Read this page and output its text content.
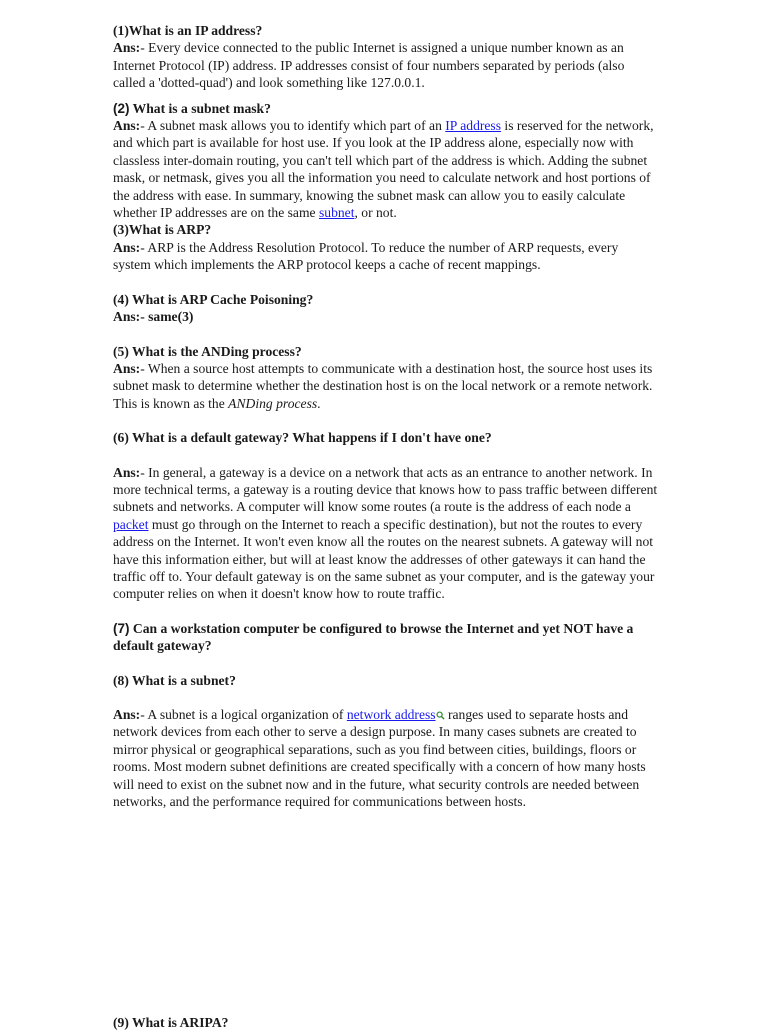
(1)What is an IP address?

Ans:- Every device connected to the public Internet is assigned a unique number known as an Internet Protocol (IP) address. IP addresses consist of four numbers separated by periods (also called a 'dotted-quad') and look something like 127.0.0.1.

(2) What is a subnet mask?

Ans:- A subnet mask allows you to identify which part of an IP address is reserved for the network, and which part is available for host use. If you look at the IP address alone, especially now with classless inter-domain routing, you can't tell which part of the address is which. Adding the subnet mask, or netmask, gives you all the information you need to calculate network and host portions of the address with ease. In summary, knowing the subnet mask can allow you to easily calculate whether IP addresses are on the same subnet, or not.

(3)What is ARP?

Ans:- ARP is the Address Resolution Protocol. To reduce the number of ARP requests, every system which implements the ARP protocol keeps a cache of recent mappings.

(4) What is ARP Cache Poisoning?

Ans:- same(3)

(5) What is the ANDing process?

Ans:- When a source host attempts to communicate with a destination host, the source host uses its subnet mask to determine whether the destination host is on the local network or a remote network. This is known as the ANDing process.

(6) What is a default gateway? What happens if I don't have one?

Ans:- In general, a gateway is a device on a network that acts as an entrance to another network. In more technical terms, a gateway is a routing device that knows how to pass traffic between different subnets and networks. A computer will know some routes (a route is the address of each node a packet must go through on the Internet to reach a specific destination), but not the routes to every address on the Internet. It won't even know all the routes on the nearest subnets. A gateway will not have this information either, but will at least know the addresses of other gateways it can hand the traffic off to. Your default gateway is on the same subnet as your computer, and is the gateway your computer relies on when it doesn't know how to route traffic.

(7) Can a workstation computer be configured to browse the Internet and yet NOT have a default gateway?

(8) What is a subnet?

Ans:- A subnet is a logical organization of network address ranges used to separate hosts and network devices from each other to serve a design purpose. In many cases subnets are created to mirror physical or geographical separations, such as you find between cities, buildings, floors or rooms. Most modern subnet definitions are created specifically with a concern of how many hosts will need to exist on the subnet now and in the future, what security controls are needed between networks, and the performance required for communications between hosts.

(9) What is ARIPA?
